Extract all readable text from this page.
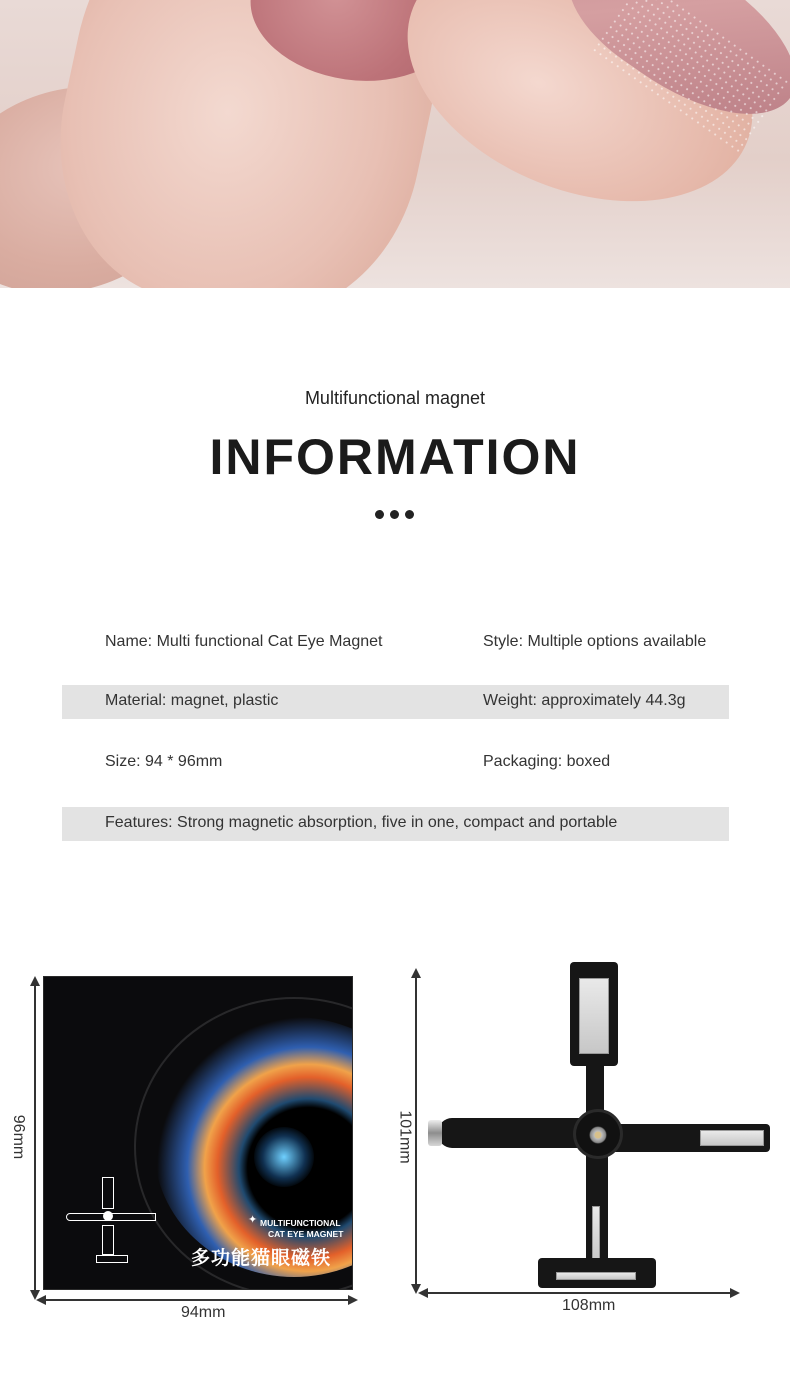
Multifunctional magnet
INFORMATION
Name: Multi functional Cat Eye Magnet	Style: Multiple options available
Material: magnet, plastic	Weight: approximately 44.3g
Size: 94 * 96mm	Packaging: boxed
Features: Strong magnetic absorption, five in one, compact and portable
96mm
✦ MULTIFUNCTIONAL
CAT EYE MAGNET
多功能猫眼磁铁
94mm
101mm
108mm
